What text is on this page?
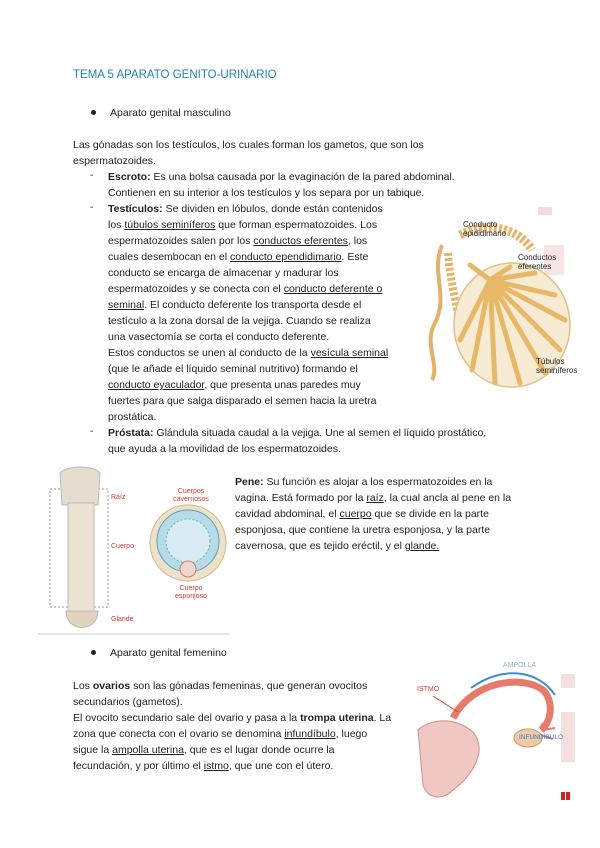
TEMA 5 APARATO GENITO-URINARIO
Aparato genital masculino

Las gónadas son los testículos, los cuales forman los gametos, que son los

espermatozoides.

- Escroto: Es una bolsa causada por la evaginación de la pared abdominal.

Contienen en su interior a los testículos y los separa por un tabique.

- Testículos: Se dividen en lóbulos, donde están contenidos

los túbulos seminíferos que forman espermatozoides. Los

espermatozoides salen por los conductos eferentes, los

cuales desembocan en el conducto ependidimario. Este

conducto se encarga de almacenar y madurar los

espermatozoides y se conecta con el conducto deferente o

seminal. El conducto deferente los transporta desde el

testículo a la zona dorsal de la vejiga. Cuando se realiza

una vasectomía se corta el conducto deferente.

Estos conductos se unen al conducto de la vesícula seminal

(que le añade el líquido seminal nutritivo) formando el

conducto eyaculador, que presenta unas paredes muy

fuertes para que salga disparado el semen hacia la uretra

prostática.

Conducto epididimario
Conductos eferentes
Túbulos seminíferos
- Próstata: Glándula situada caudal a la vejiga. Une al semen el líquido prostático,

que ayuda a la movilidad de los espermatozoides.

Raíz
Cuerpo
Glande
Cuerpos cavernosos
Cuerpo esponjoso

Pene: Su función es alojar a los espermatozoides en la

vagina. Está formado por la raíz, la cual ancla al pene en la

cavidad abdominal, el cuerpo que se divide en la parte

esponjosa, que contiene la uretra esponjosa, y la parte

cavernosa, que es tejido eréctil, y el glande.

Aparato genital femenino

Los ovarios son las gónadas femeninas, que generan ovocitos

secundarios (gametos).

El ovocito secundario sale del ovario y pasa a la trompa uterina. La

zona que conecta con el ovario se denomina infundíbulo, luego

sigue la ampolla uterina, que es el lugar donde ocurre la

fecundación, y por último el istmo, que une con el útero.

AMPOLLA
ISTMO
INFUNDÍBULO
